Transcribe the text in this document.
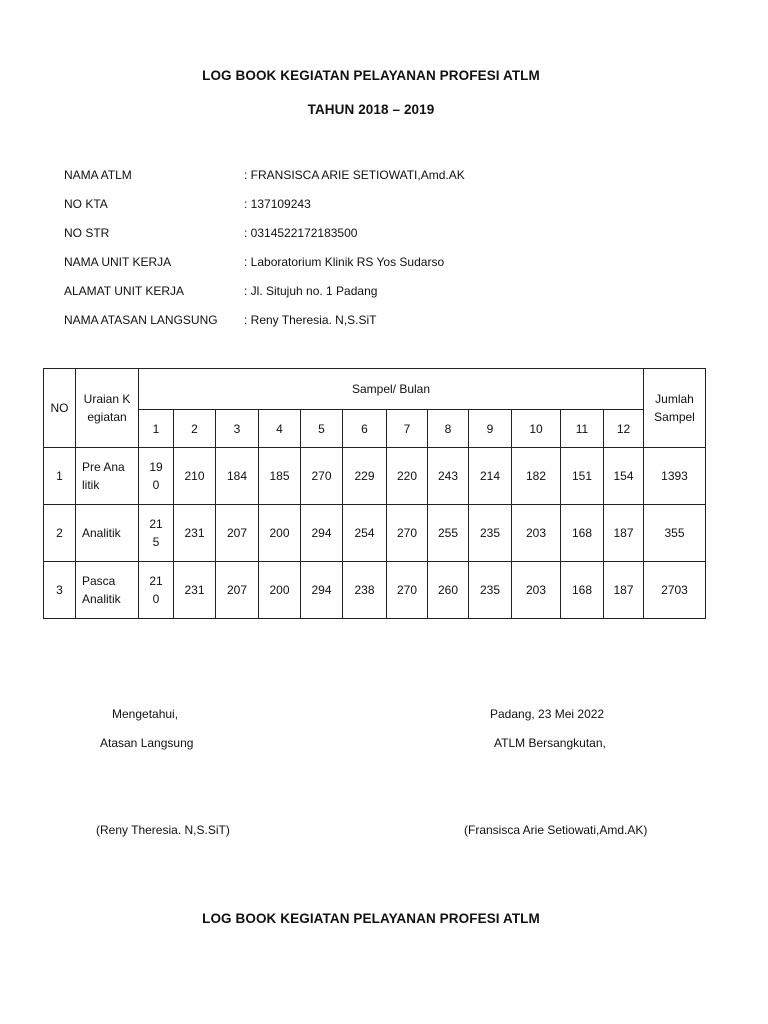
LOG BOOK KEGIATAN PELAYANAN PROFESI ATLM
TAHUN 2018 – 2019
NAMA ATLM	: FRANSISCA ARIE SETIOWATI,Amd.AK
NO KTA	: 137109243
NO STR	: 0314522172183500
NAMA UNIT KERJA	: Laboratorium Klinik RS Yos Sudarso
ALAMAT UNIT KERJA	: Jl. Situjuh no. 1 Padang
NAMA ATASAN LANGSUNG	: Reny Theresia. N,S.SiT
NO	Uraian Kegiatan	Sampel/ Bulan												Jumlah Sampel

		1	2	3	4	5	6	7	8	9	10	11	12	
1	Pre Analitik	190	210	184	185	270	229	220	243	214	182	151	154	1393
2	Analitik	215	231	207	200	294	254	270	255	235	203	168	187	355
3	Pasca Analitik	210	231	207	200	294	238	270	260	235	203	168	187	2703
Mengetahui,
Atasan Langsung
Padang, 23 Mei 2022
ATLM Bersangkutan,
(Reny Theresia. N,S.SiT)	(Fransisca Arie Setiowati,Amd.AK)
LOG BOOK KEGIATAN PELAYANAN PROFESI ATLM
